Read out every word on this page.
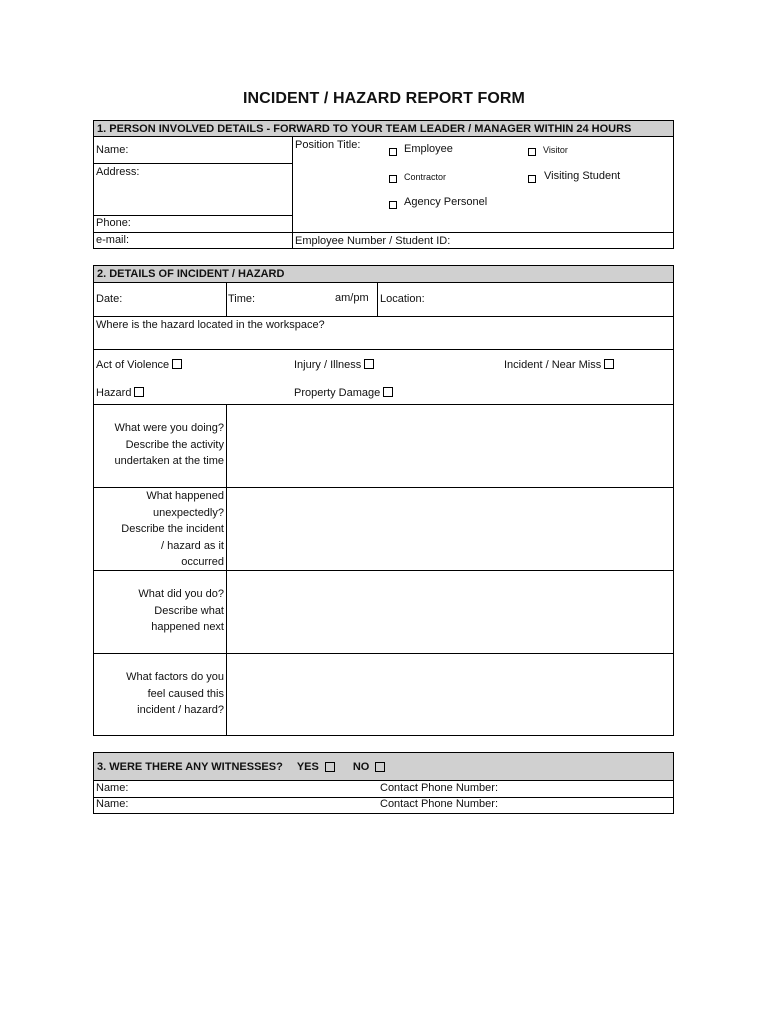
INCIDENT / HAZARD REPORT FORM
1. PERSON INVOLVED DETAILS - FORWARD TO YOUR TEAM LEADER / MANAGER WITHIN 24 HOURS
Name:
Address:
Phone:
e-mail:
Position Title:	Employee	Visitor
Contractor	Visiting Student
Agency Personel
Employee Number / Student ID:
2. DETAILS OF INCIDENT / HAZARD
Date:	Time:	am/pm Location:
Where is the hazard located in the workspace?
Act of Violence	Injury / Illness	Incident / Near Miss
Hazard	Property Damage
What were you doing?
Describe the activity
undertaken at the time
What happened
unexpectedly?
Describe the incident
/ hazard as it
occurred
What did you do?
Describe what
happened next
What factors do you
feel caused this
incident / hazard?
3. WERE THERE ANY WITNESSES? YES	NO
Name:	Contact Phone Number:
Name:	Contact Phone Number:
